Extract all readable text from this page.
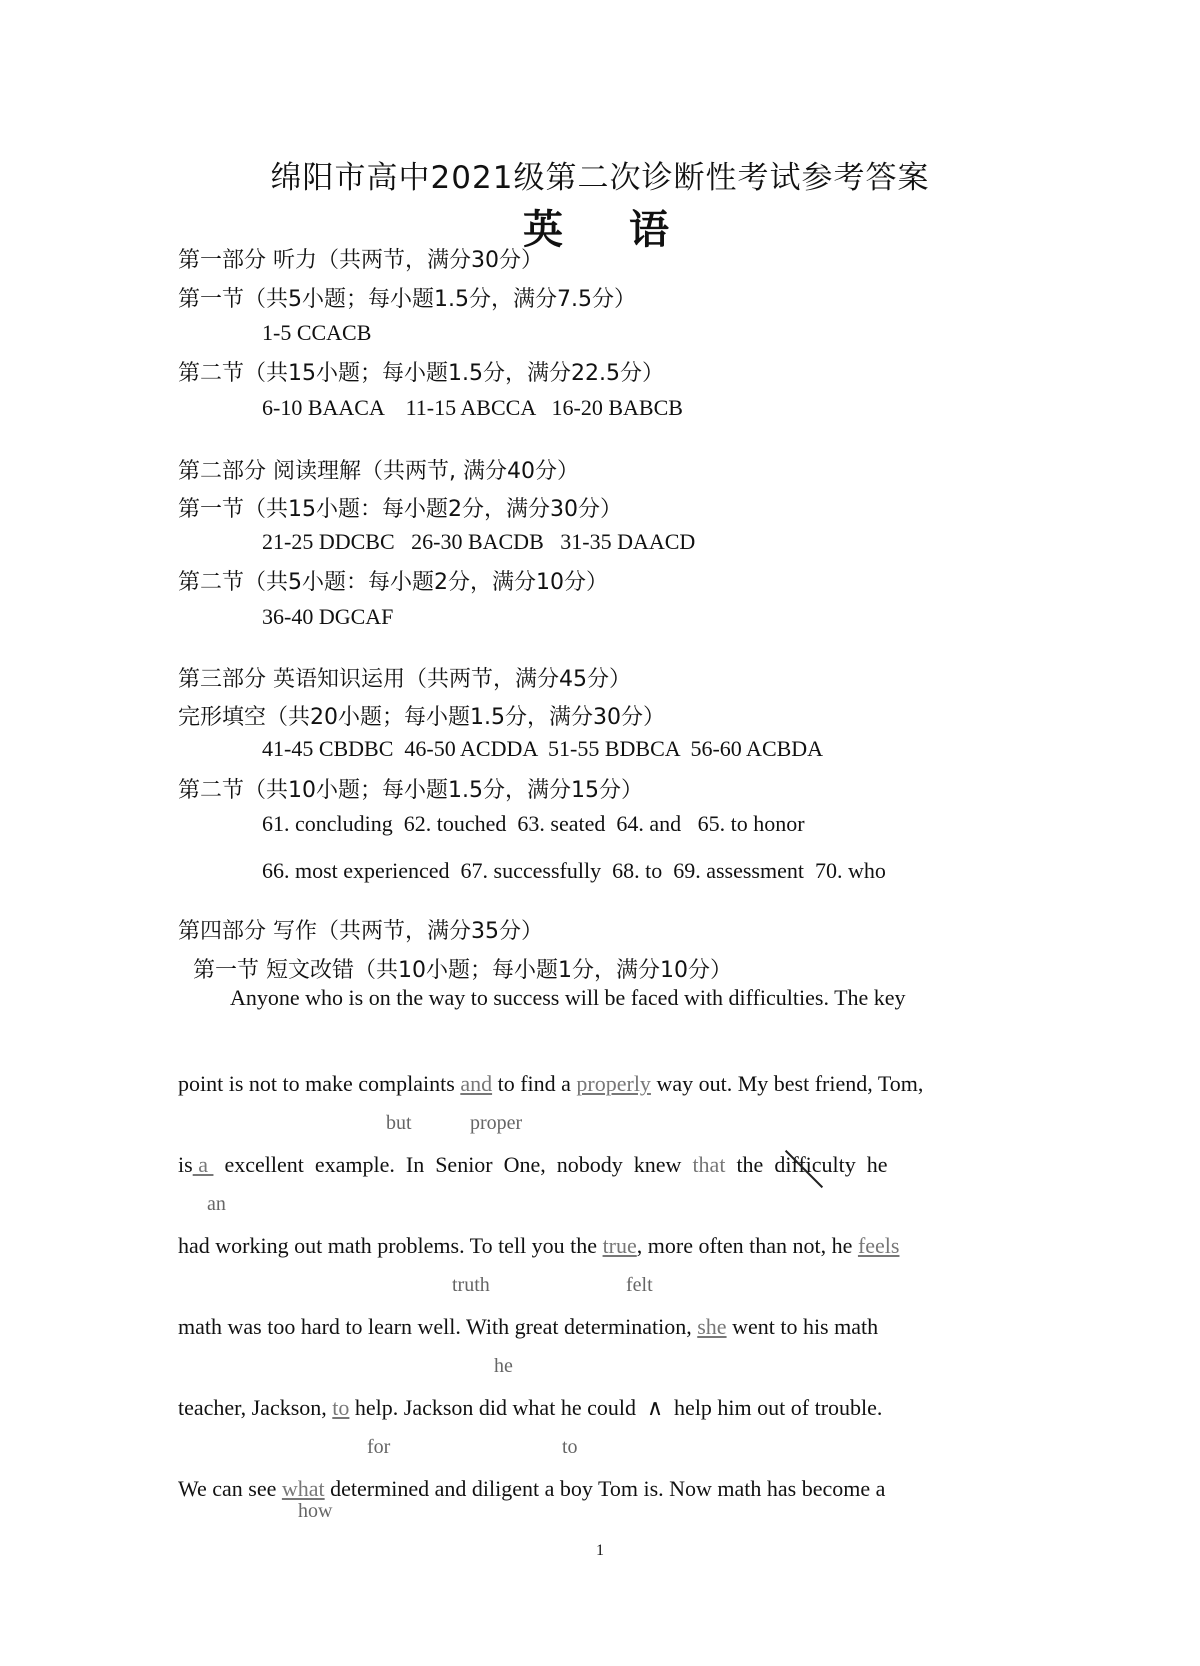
绵阳市高中2021级第二次诊断性考试参考答案
英 语
第一部分 听力（共两节，满分30分）
第一节（共5小题；每小题1.5分，满分7.5分）
1-5 CCACB
第二节（共15小题；每小题1.5分，满分22.5分）
6-10 BAACA    11-15 ABCCA   16-20 BABCB
第二部分 阅读理解（共两节, 满分40分）
第一节（共15小题：每小题2分，满分30分）
21-25 DDCBC   26-30 BACDB   31-35 DAACD
第二节（共5小题：每小题2分，满分10分）
36-40 DGCAF
第三部分 英语知识运用（共两节，满分45分）
完形填空（共20小题；每小题1.5分，满分30分）
41-45 CBDBC  46-50 ACDDA  51-55 BDBCA  56-60 ACBDA
第二节（共10小题；每小题1.5分，满分15分）
61. concluding  62. touched  63. seated  64. and   65. to honor
66. most experienced  67. successfully  68. to  69. assessment  70. who
第四部分 写作（共两节，满分35分）
第一节 短文改错（共10小题；每小题1分，满分10分）
Anyone who is on the way to success will be faced with difficulties. The key
point is not to make complaints and to find a properly way out. My best friend, Tom,
but	proper
is a   excellent  example.  In  Senior  One,  nobody  knew  that  the  difficulty  he
an
had working out math problems. To tell you the true, more often than not, he feels
truth	felt
math was too hard to learn well. With great determination, she went to his math
he
teacher, Jackson, to help. Jackson did what he could  ∧  help him out of trouble.
for	to
We can see what determined and diligent a boy Tom is. Now math has become a
how
1
